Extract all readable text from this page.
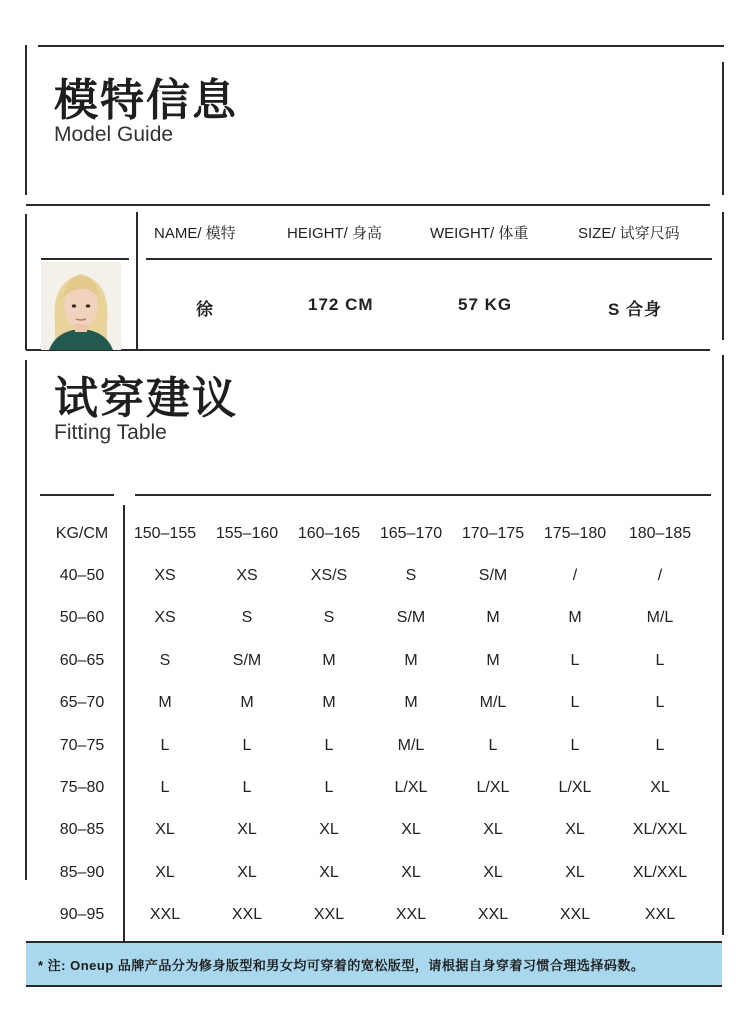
模特信息
Model Guide
NAME/ 模特	HEIGHT/ 身高	WEIGHT/ 体重	SIZE/ 试穿尺码
徐	172 CM	57 KG	S 合身
试穿建议
Fitting Table
KG/CM	150–155	155–160	160–165	165–170	170–175	175–180	180–185
40–50	XS	XS	XS/S	S	S/M	/	/
50–60	XS	S	S	S/M	M	M	M/L
60–65	S	S/M	M	M	M	L	L
65–70	M	M	M	M	M/L	L	L
70–75	L	L	L	M/L	L	L	L
75–80	L	L	L	L/XL	L/XL	L/XL	XL
80–85	XL	XL	XL	XL	XL	XL	XL/XXL
85–90	XL	XL	XL	XL	XL	XL	XL/XXL
90–95	XXL	XXL	XXL	XXL	XXL	XXL	XXL
* 注: Oneup 品牌产品分为修身版型和男女均可穿着的宽松版型，请根据自身穿着习惯合理选择码数。
